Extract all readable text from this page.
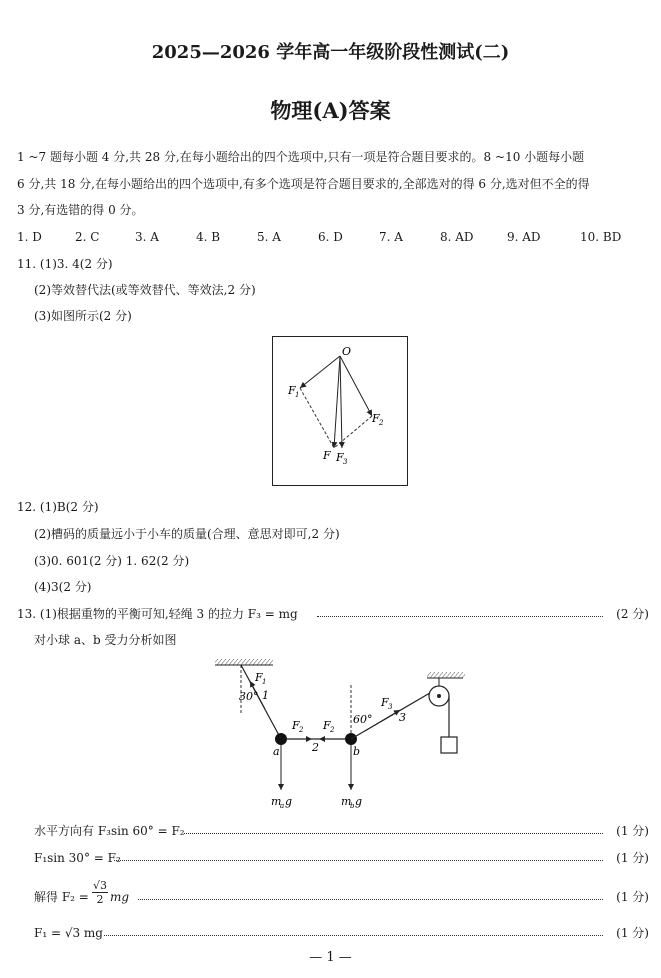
2025—2026 学年高一年级阶段性测试(二)
物理(A)答案
1 ~7 题每小题 4 分,共 28 分,在每小题给出的四个选项中,只有一项是符合题目要求的。8 ~10 小题每小题
6 分,共 18 分,在每小题给出的四个选项中,有多个选项是符合题目要求的,全部选对的得 6 分,选对但不全的得
3 分,有选错的得 0 分。
1. D	2. C	3. A	4. B	5. A	6. D	7. A	8. AD	9. AD	10. BD
11. (1)3. 4(2 分)
(2)等效替代法(或等效替代、等效法,2 分)
(3)如图所示(2 分)
O
F 1
F 2
F F 3
12. (1)B(2 分)
(2)槽码的质量远小于小车的质量(合理、意思对即可,2 分)
(3)0. 601(2 分) 1. 62(2 分)
(4)3(2 分)
13. (1)根据重物的平衡可知,轻绳 3 的拉力 F₃ = mg	(2 分)
对小球 a、b 受力分析如图
F 1
1
30°
F 2 F 2
2
60°
F 3
3
a	b
m
a g	m
b g
水平方向有 F₃sin 60° = F₂	(1 分)
F₁sin 30° = F₂	(1 分)
解得 F₂ =
√3
2 mg	(1 分)
F₁ = √3 mg	(1 分)
— 1 —
